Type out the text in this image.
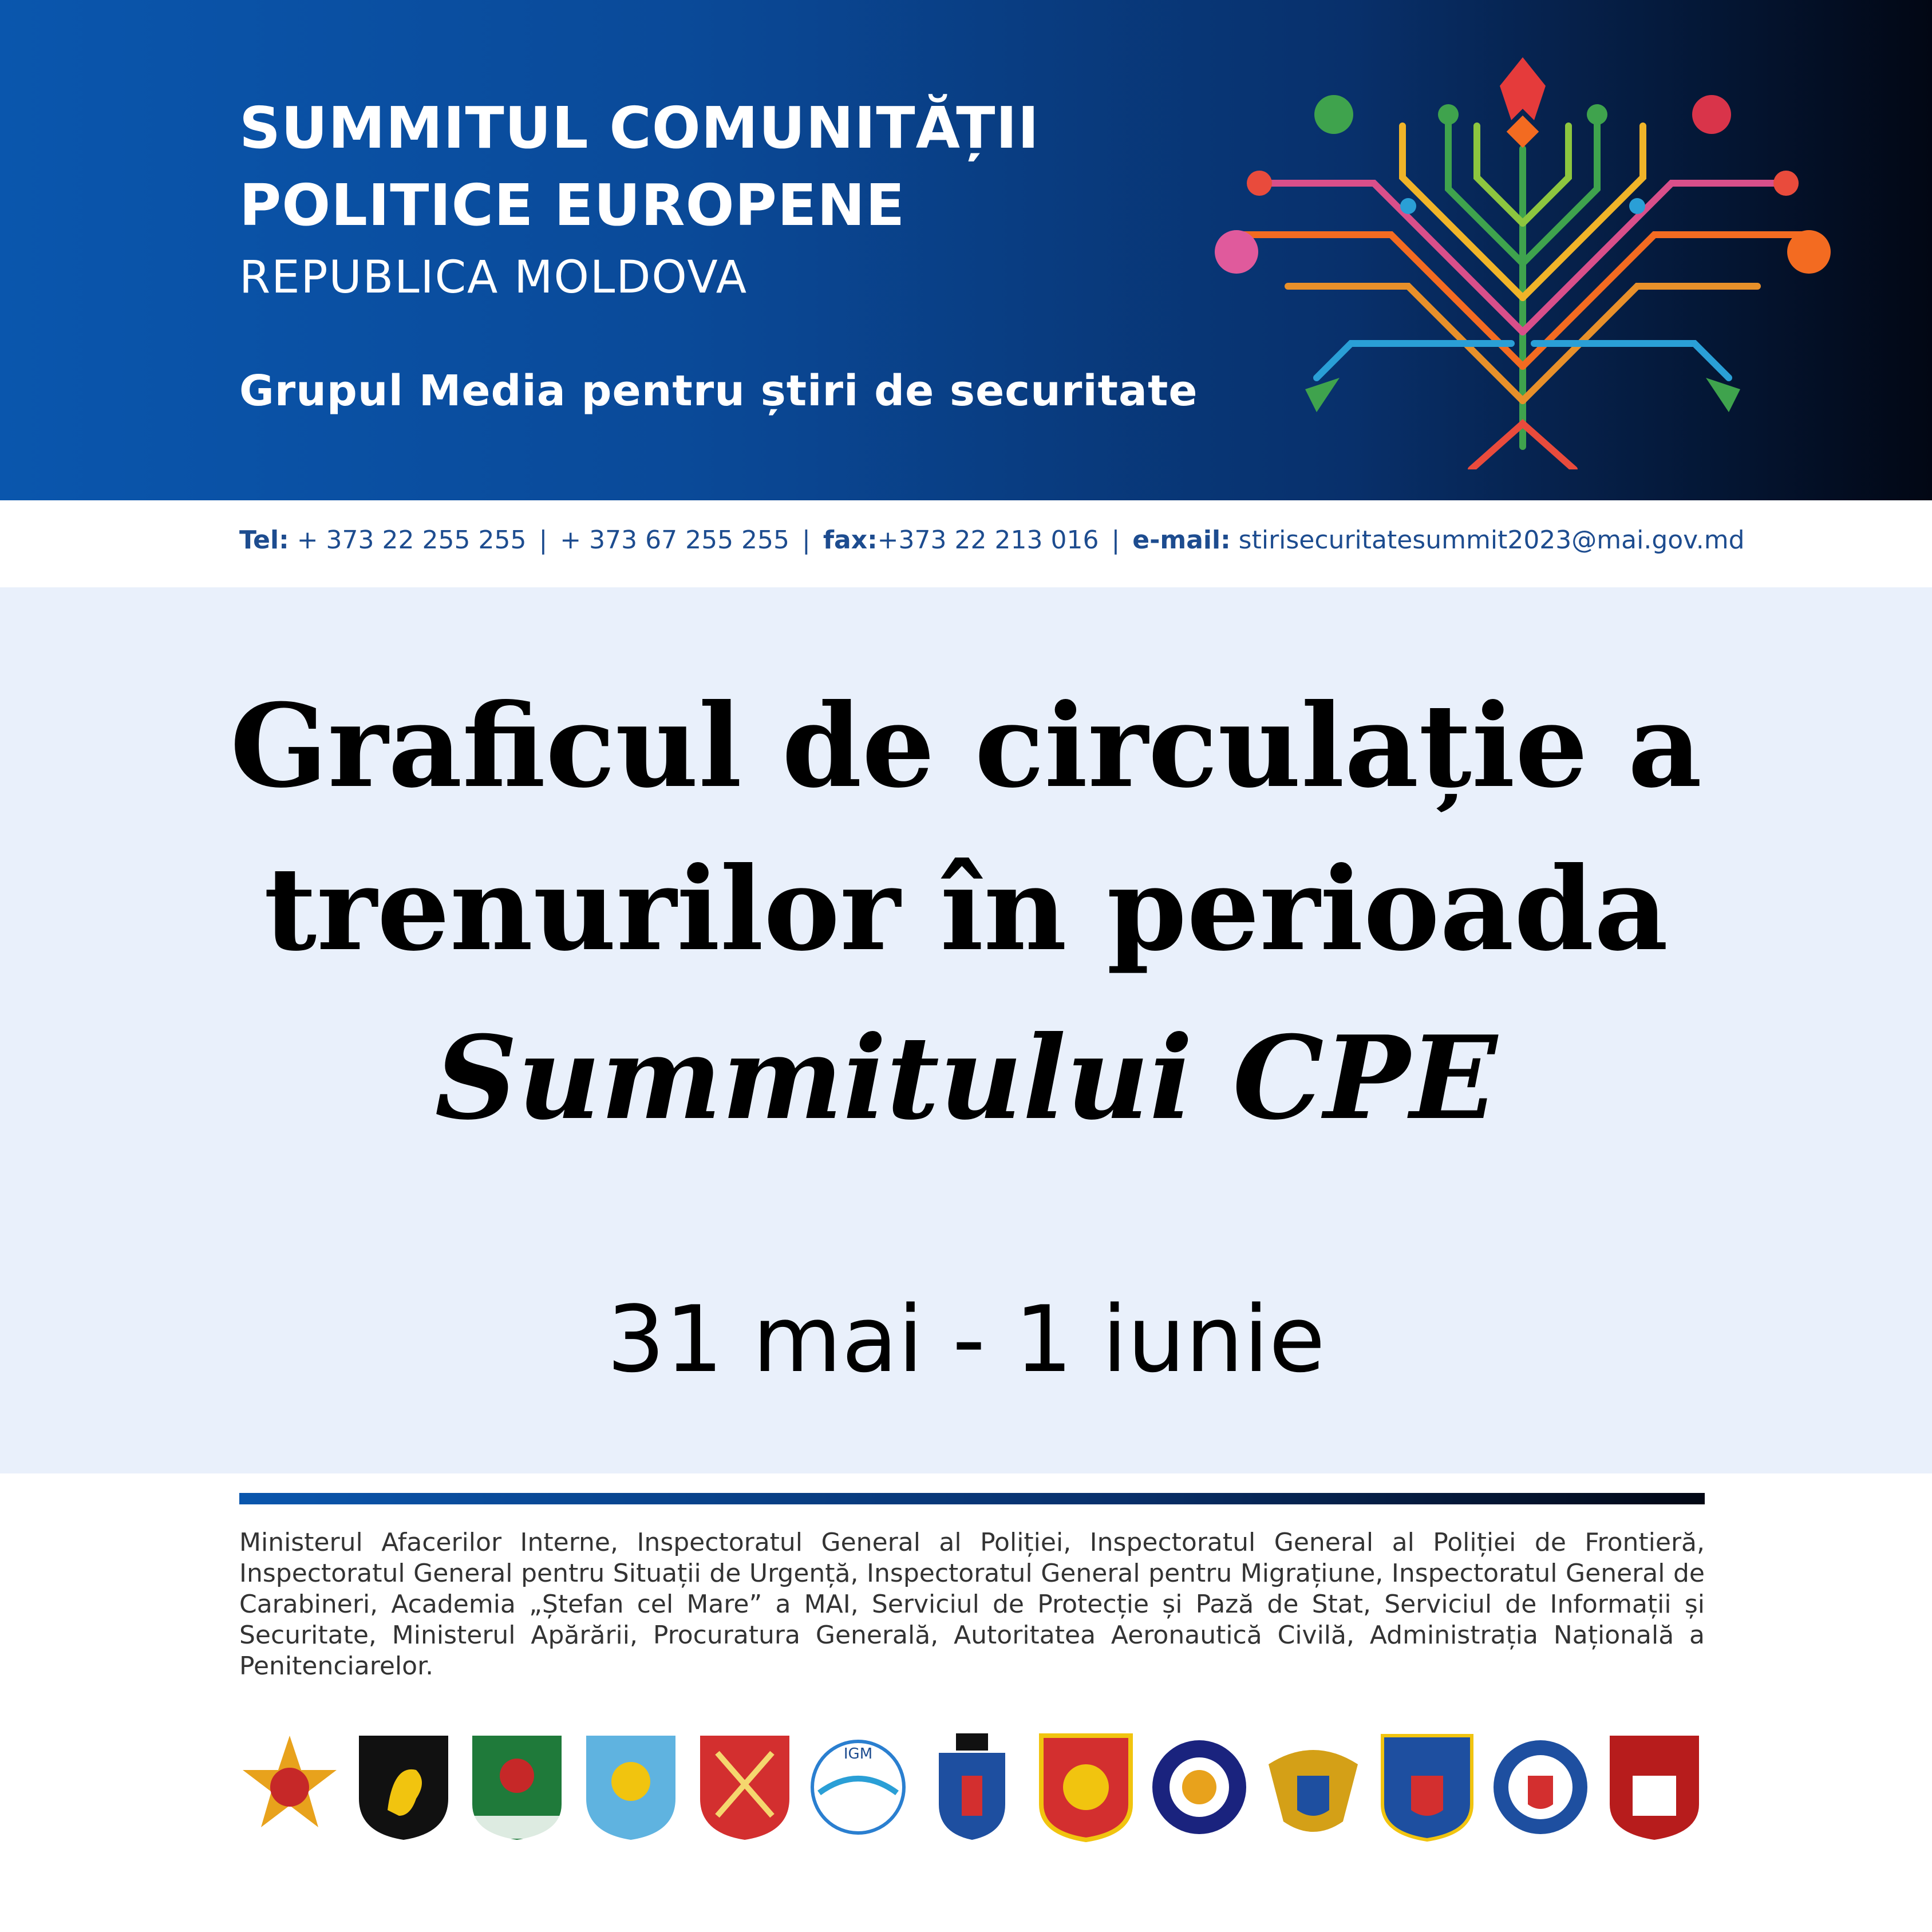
SUMMITUL COMUNITĂȚII
POLITICE EUROPENE
REPUBLICA MOLDOVA
Grupul Media pentru știri de securitate
Tel: + 373 22 255 255 | + 373 67 255 255 | fax:+373 22 213 016 | e-mail: stirisecuritatesummit2023@mai.gov.md
Graficul de circulație a
trenurilor în perioada
Summitului CPE
31 mai - 1 iunie
Ministerul Afacerilor Interne, Inspectoratul General al Poliției, Inspectoratul General al Poliției de Frontieră, Inspectoratul General pentru Situații de Urgență, Inspectoratul General pentru Migrațiune, Inspectoratul General de Carabineri, Academia „Ștefan cel Mare” a MAI, Serviciul de Protecție și Pază de Stat, Serviciul de Informații și Securitate, Ministerul Apărării, Procuratura Generală, Autoritatea Aeronautică Civilă, Administrația Națională a Penitenciarelor.
IGM
